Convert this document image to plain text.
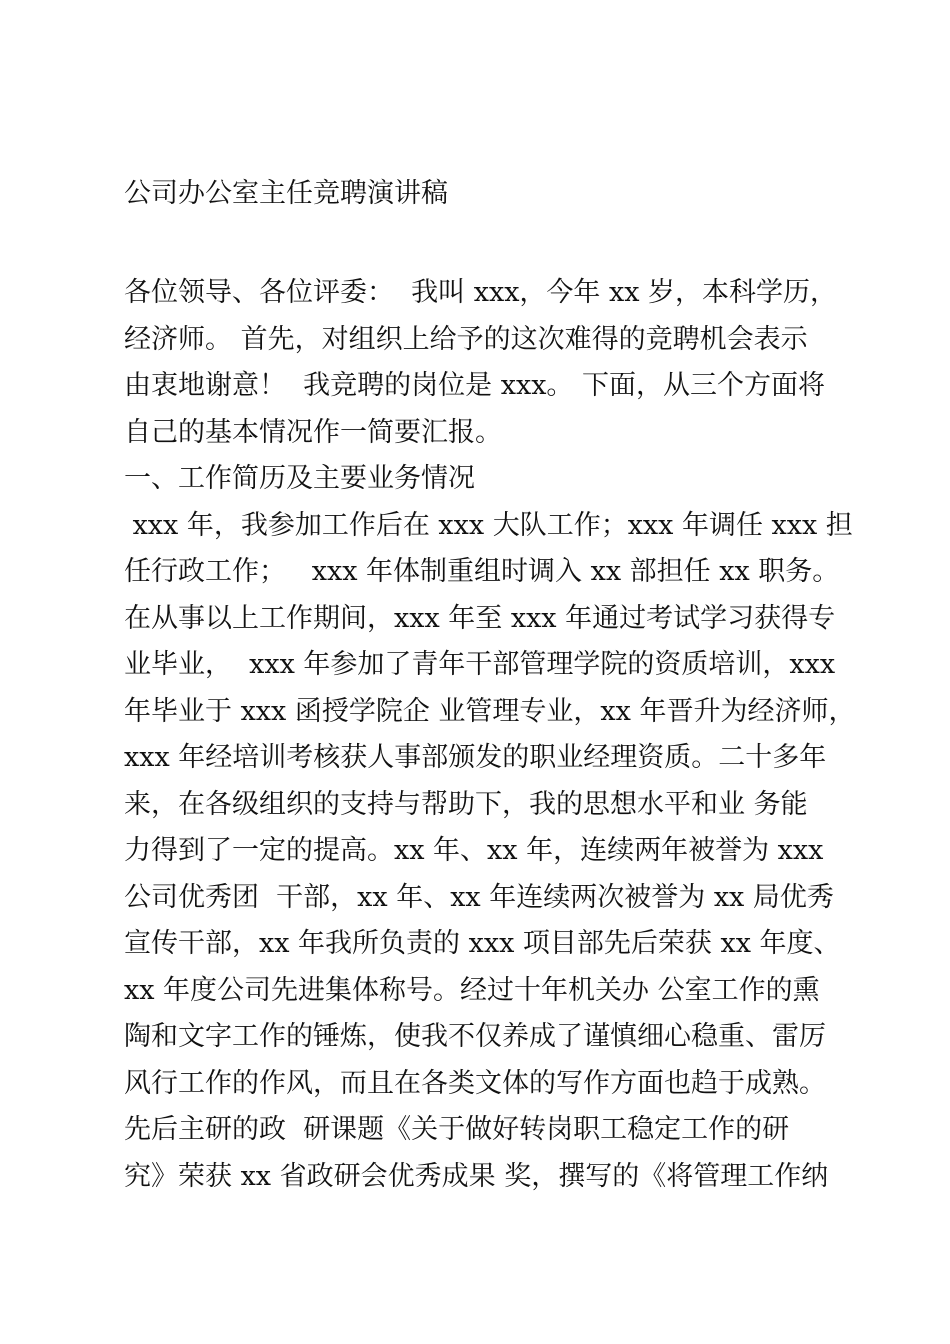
公司办公室主任竞聘演讲稿
各位领导、各位评委：  我叫 xxx，今年 xx 岁，本科学历，
经济师。 首先，对组织上给予的这次难得的竞聘机会表示
由衷地谢意！  我竞聘的岗位是 xxx。 下面，从三个方面将
自己的基本情况作一简要汇报。
一、工作简历及主要业务情况
xxx 年，我参加工作后在 xxx 大队工作；xxx 年调任 xxx 担
任行政工作；   xxx 年体制重组时调入 xx 部担任 xx 职务。
在从事以上工作期间，xxx 年至 xxx 年通过考试学习获得专
业毕业，  xxx 年参加了青年干部管理学院的资质培训，xxx
年毕业于 xxx 函授学院企 业管理专业，xx 年晋升为经济师，
xxx 年经培训考核获人事部颁发的职业经理资质。二十多年
来，在各级组织的支持与帮助下，我的思想水平和业 务能
力得到了一定的提高。xx 年、xx 年，连续两年被誉为 xxx
公司优秀团  干部，xx 年、xx 年连续两次被誉为 xx 局优秀
宣传干部，xx 年我所负责的 xxx 项目部先后荣获 xx 年度、
xx 年度公司先进集体称号。经过十年机关办 公室工作的熏
陶和文字工作的锤炼，使我不仅养成了谨慎细心稳重、雷厉
风行工作的作风，而且在各类文体的写作方面也趋于成熟。
先后主研的政  研课题《关于做好转岗职工稳定工作的研
究》荣获 xx 省政研会优秀成果 奖，撰写的《将管理工作纳
